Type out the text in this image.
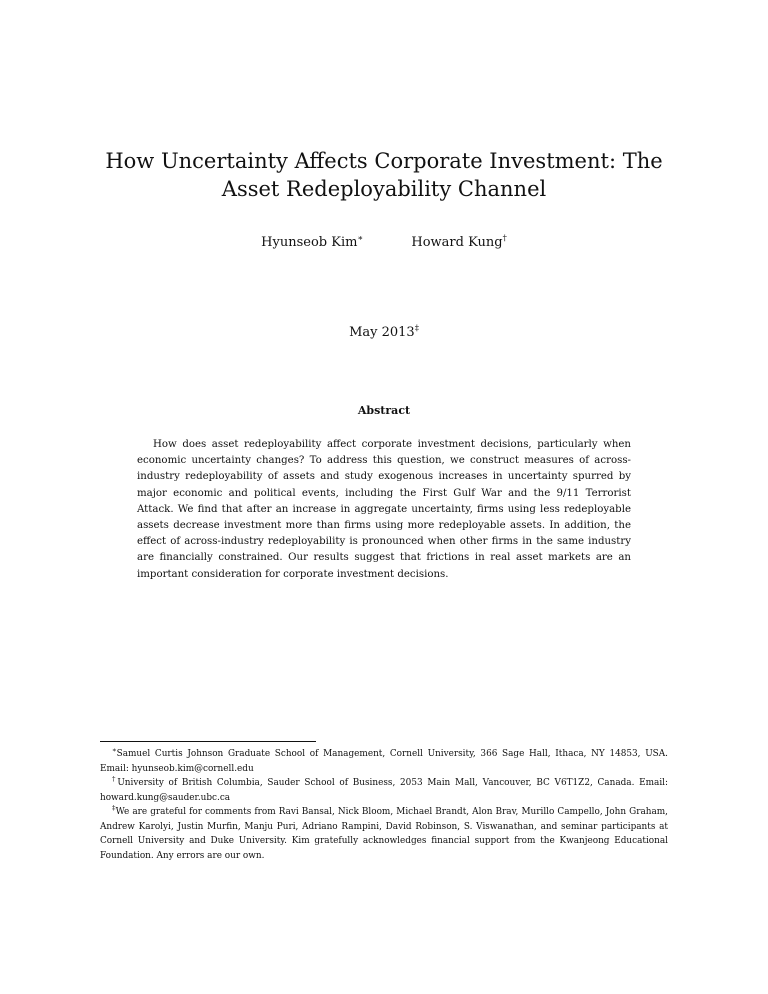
How Uncertainty Affects Corporate Investment: The Asset Redeployability Channel
Hyunseob Kim∗	Howard Kung†
May 2013‡
Abstract

How does asset redeployability affect corporate investment decisions, particularly when economic uncertainty changes? To address this question, we construct measures of across-industry redeployability of assets and study exogenous increases in uncertainty spurred by major economic and political events, including the First Gulf War and the 9/11 Terrorist Attack. We find that after an increase in aggregate uncertainty, firms using less redeployable assets decrease investment more than firms using more redeployable assets. In addition, the effect of across-industry redeployability is pronounced when other firms in the same industry are financially constrained. Our results suggest that frictions in real asset markets are an important consideration for corporate investment decisions.

∗Samuel Curtis Johnson Graduate School of Management, Cornell University, 366 Sage Hall, Ithaca, NY 14853, USA. Email: hyunseob.kim@cornell.edu

†University of British Columbia, Sauder School of Business, 2053 Main Mall, Vancouver, BC V6T1Z2, Canada. Email: howard.kung@sauder.ubc.ca

‡We are grateful for comments from Ravi Bansal, Nick Bloom, Michael Brandt, Alon Brav, Murillo Campello, John Graham, Andrew Karolyi, Justin Murfin, Manju Puri, Adriano Rampini, David Robinson, S. Viswanathan, and seminar participants at Cornell University and Duke University. Kim gratefully acknowledges financial support from the Kwanjeong Educational Foundation. Any errors are our own.
